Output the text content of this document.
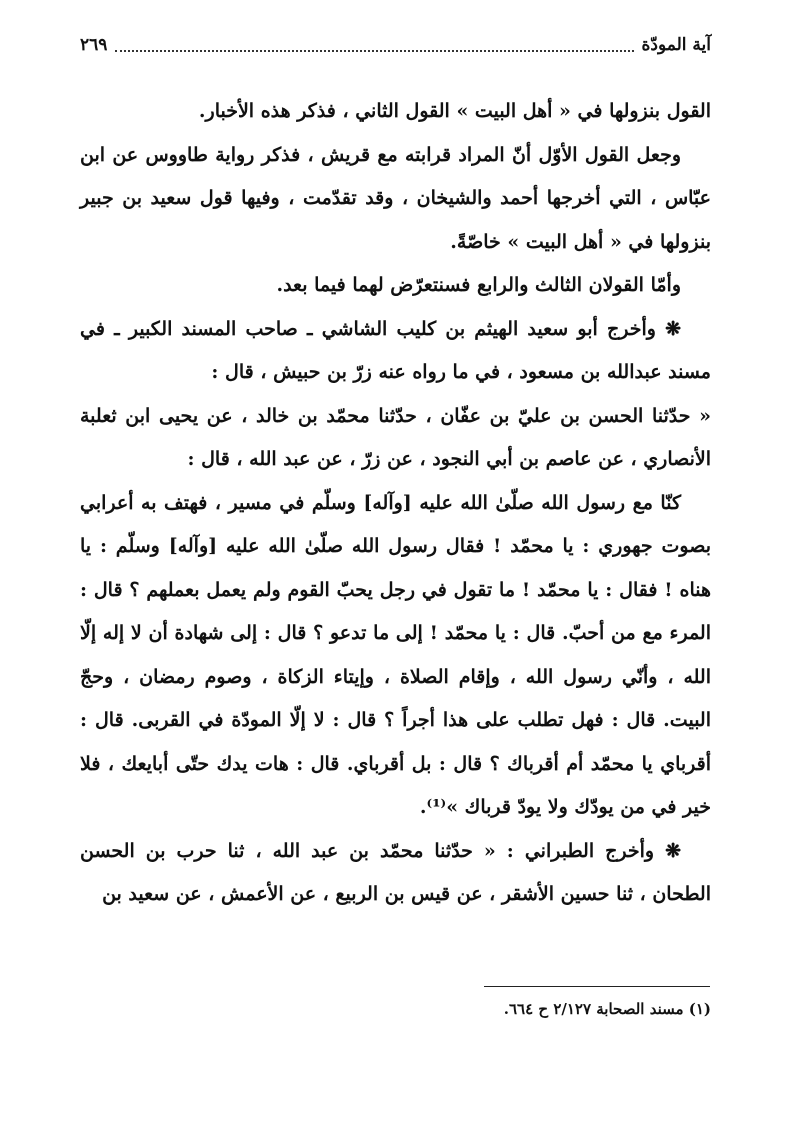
آية المودّة
٢٦٩

القول بنزولها في « أهل البيت » القول الثاني ، فذكر هذه الأخبار.

وجعل القول الأوّل أنّ المراد قرابته مع قريش ، فذكر رواية طاووس عن ابن عبّاس ، التي أخرجها أحمد والشيخان ، وقد تقدّمت ، وفيها قول سعيد بن جبير بنزولها في « أهل البيت » خاصّةً.

وأمّا القولان الثالث والرابع فسنتعرّض لهما فيما بعد.

❋ وأخرج أبو سعيد الهيثم بن كليب الشاشي ـ صاحب المسند الكبير ـ في مسند عبدالله بن مسعود ، في ما رواه عنه زرّ بن حبيش ، قال :

« حدّثنا الحسن بن عليّ بن عفّان ، حدّثنا محمّد بن خالد ، عن يحيى ابن ثعلبة الأنصاري ، عن عاصم بن أبي النجود ، عن زرّ ، عن عبد الله ، قال :

كنّا مع رسول الله صلّىٰ الله عليه [وآله] وسلّم في مسير ، فهتف به أعرابي بصوت جهوري : يا محمّد ! فقال رسول الله صلّىٰ الله عليه [وآله] وسلّم : يا هناه ! فقال : يا محمّد ! ما تقول في رجل يحبّ القوم ولم يعمل بعملهم ؟ قال : المرء مع من أحبّ. قال : يا محمّد ! إلى ما تدعو ؟ قال : إلى شهادة أن لا إله إلّا الله ، وأنّي رسول الله ، وإقام الصلاة ، وإيتاء الزكاة ، وصوم رمضان ، وحجّ البيت. قال : فهل تطلب على هذا أجراً ؟ قال : لا إلّا المودّة في القربى. قال : أقرباي يا محمّد أم أقرباك ؟ قال : بل أقرباي. قال : هات يدك حتّى أبايعك ، فلا خير في من يودّك ولا يودّ قرباك »⁽¹⁾.

❋ وأخرج الطبراني : « حدّثنا محمّد بن عبد الله ، ثنا حرب بن الحسن الطحان ، ثنا حسين الأشقر ، عن قيس بن الربيع ، عن الأعمش ، عن سعيد بن

(١) مسند الصحابة ٢/١٢٧ ح ٦٦٤.
